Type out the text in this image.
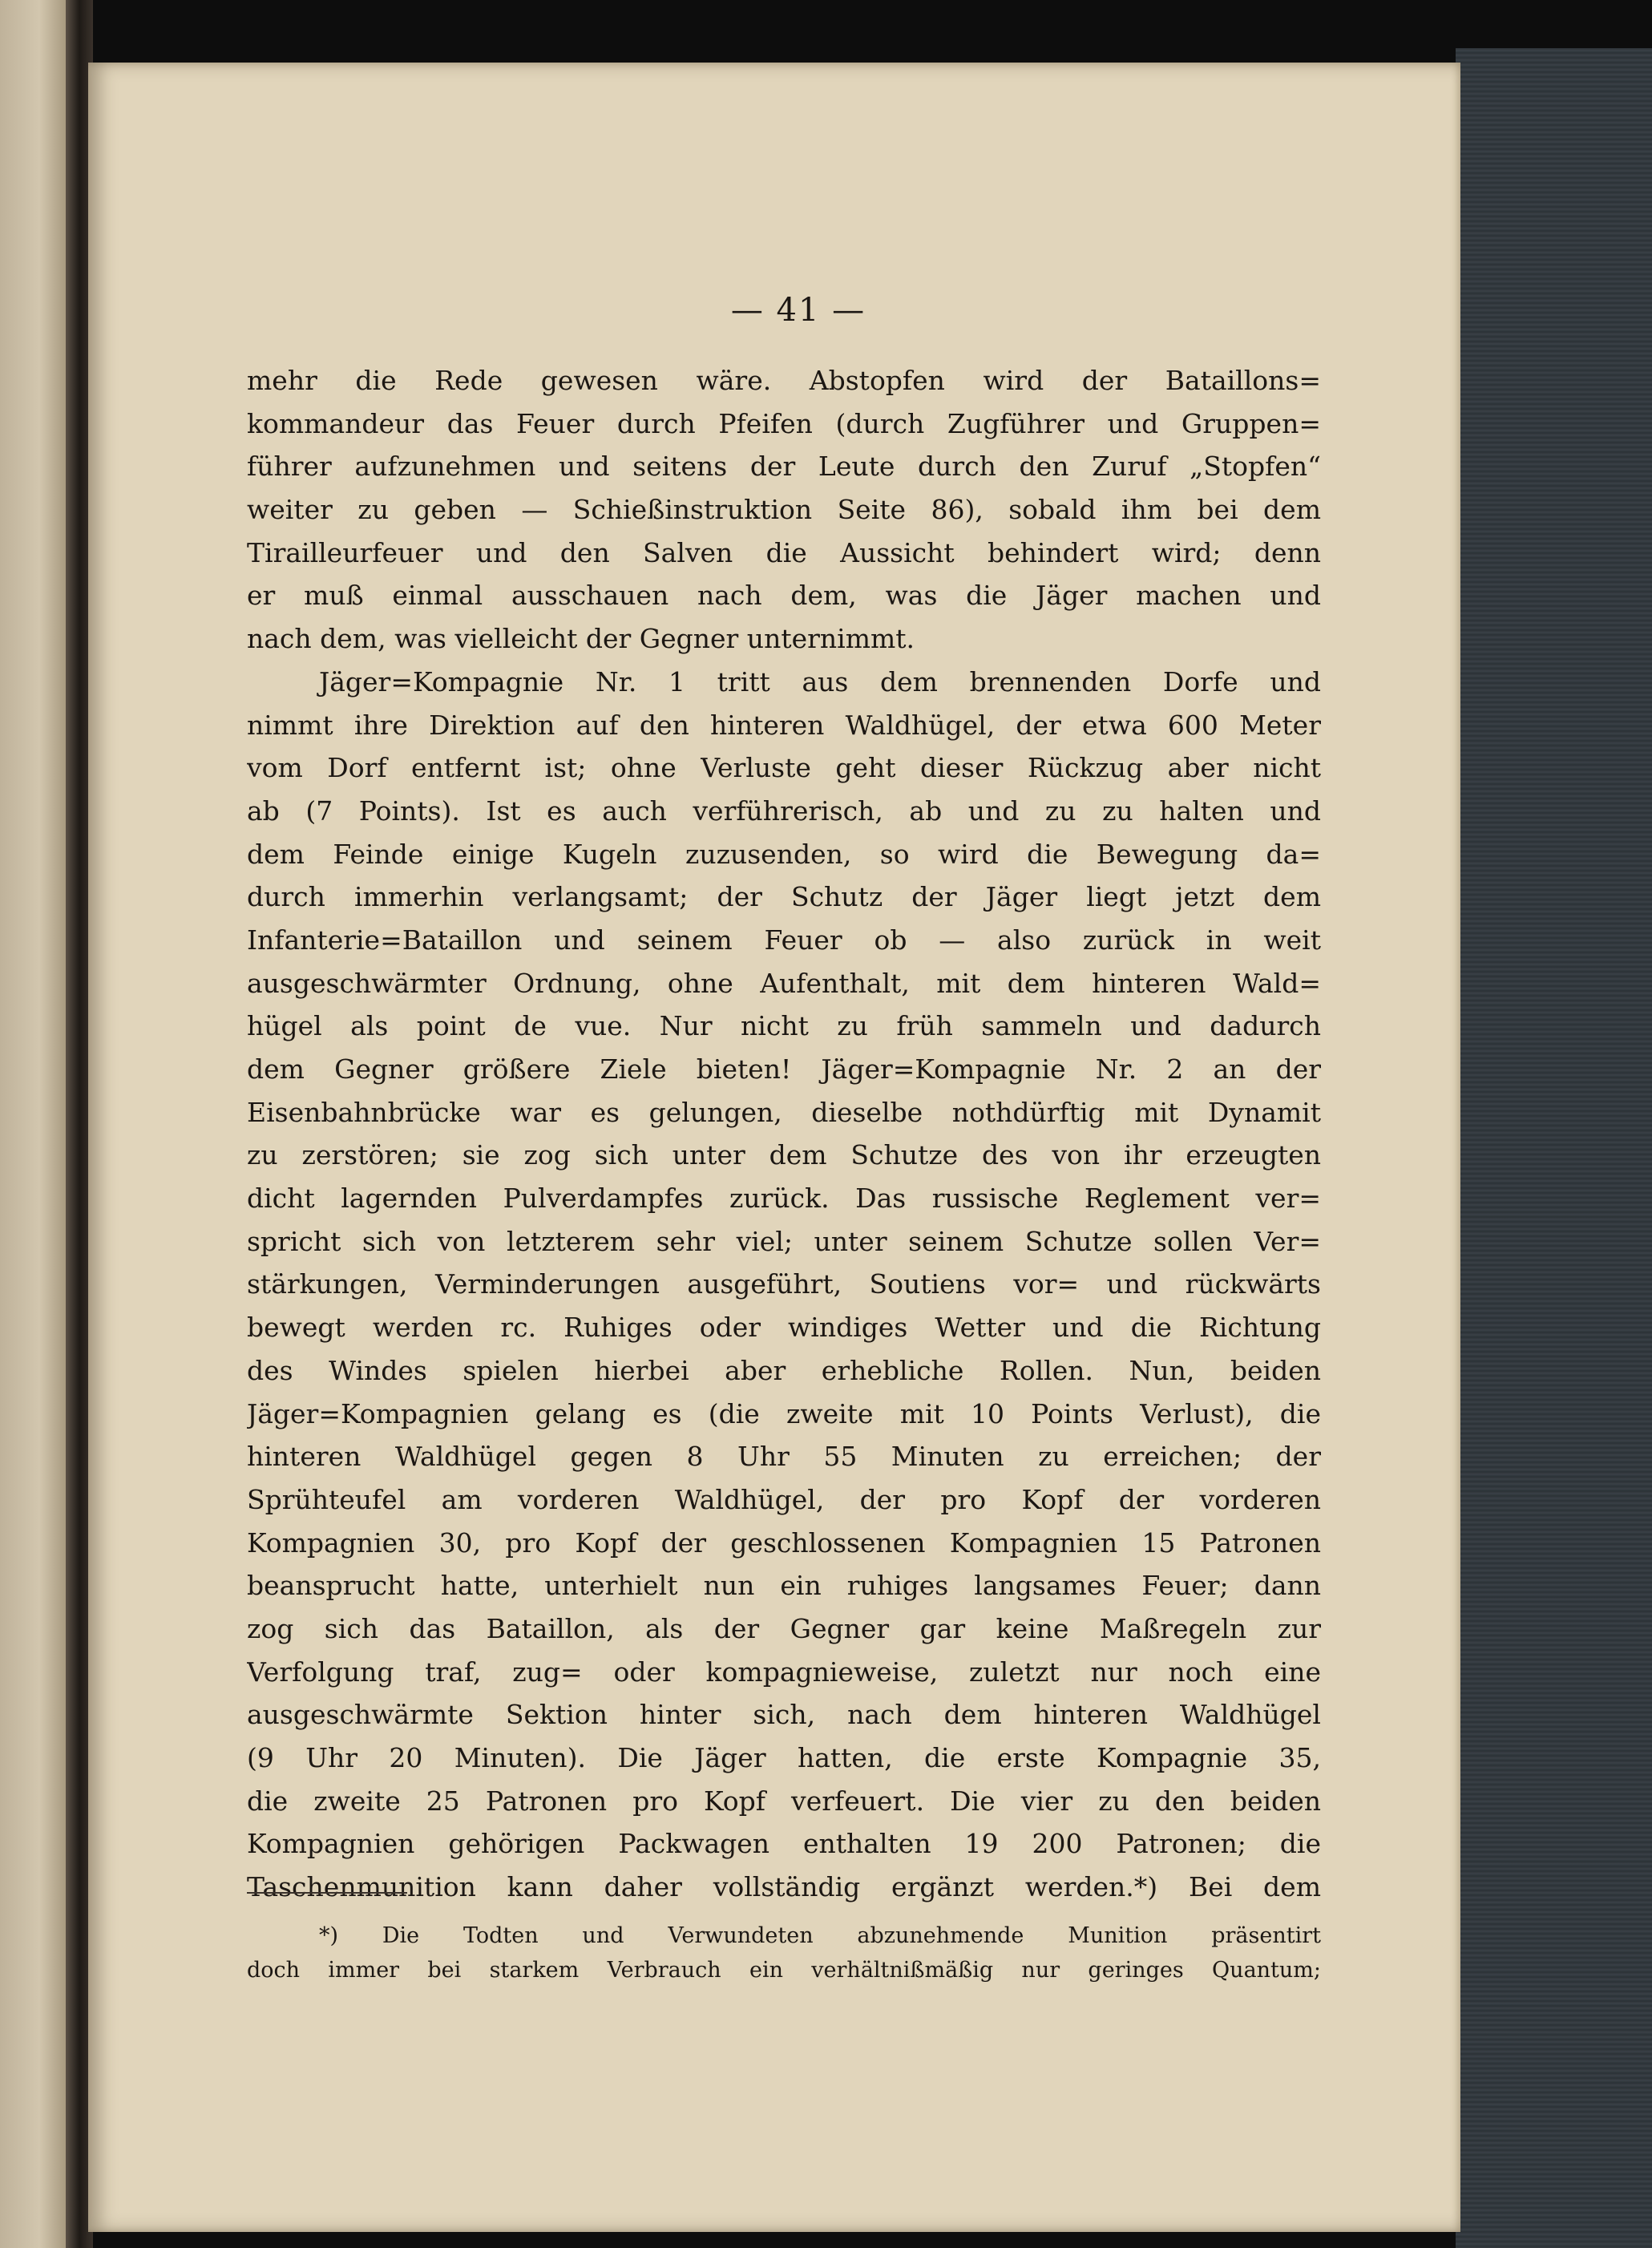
— 41 —
mehr die Rede gewesen wäre. Abstopfen wird der Bataillons=
kommandeur das Feuer durch Pfeifen (durch Zugführer und Gruppen=
führer aufzunehmen und seitens der Leute durch den Zuruf „Stopfen“
weiter zu geben — Schießinstruktion Seite 86), sobald ihm bei dem
Tirailleurfeuer und den Salven die Aussicht behindert wird; denn
er muß einmal ausschauen nach dem, was die Jäger machen und
nach dem, was vielleicht der Gegner unternimmt.
Jäger=Kompagnie Nr. 1 tritt aus dem brennenden Dorfe und
nimmt ihre Direktion auf den hinteren Waldhügel, der etwa 600 Meter
vom Dorf entfernt ist; ohne Verluste geht dieser Rückzug aber nicht
ab (7 Points). Ist es auch verführerisch, ab und zu zu halten und
dem Feinde einige Kugeln zuzusenden, so wird die Bewegung da=
durch immerhin verlangsamt; der Schutz der Jäger liegt jetzt dem
Infanterie=Bataillon und seinem Feuer ob — also zurück in weit
ausgeschwärmter Ordnung, ohne Aufenthalt, mit dem hinteren Wald=
hügel als point de vue. Nur nicht zu früh sammeln und dadurch
dem Gegner größere Ziele bieten! Jäger=Kompagnie Nr. 2 an der
Eisenbahnbrücke war es gelungen, dieselbe nothdürftig mit Dynamit
zu zerstören; sie zog sich unter dem Schutze des von ihr erzeugten
dicht lagernden Pulverdampfes zurück. Das russische Reglement ver=
spricht sich von letzterem sehr viel; unter seinem Schutze sollen Ver=
stärkungen, Verminderungen ausgeführt, Soutiens vor= und rückwärts
bewegt werden rc. Ruhiges oder windiges Wetter und die Richtung
des Windes spielen hierbei aber erhebliche Rollen. Nun, beiden
Jäger=Kompagnien gelang es (die zweite mit 10 Points Verlust), die
hinteren Waldhügel gegen 8 Uhr 55 Minuten zu erreichen; der
Sprühteufel am vorderen Waldhügel, der pro Kopf der vorderen
Kompagnien 30, pro Kopf der geschlossenen Kompagnien 15 Patronen
beansprucht hatte, unterhielt nun ein ruhiges langsames Feuer; dann
zog sich das Bataillon, als der Gegner gar keine Maßregeln zur
Verfolgung traf, zug= oder kompagnieweise, zuletzt nur noch eine
ausgeschwärmte Sektion hinter sich, nach dem hinteren Waldhügel
(9 Uhr 20 Minuten). Die Jäger hatten, die erste Kompagnie 35,
die zweite 25 Patronen pro Kopf verfeuert. Die vier zu den beiden
Kompagnien gehörigen Packwagen enthalten 19 200 Patronen; die
Taschenmunition kann daher vollständig ergänzt werden.*) Bei dem
*) Die Todten und Verwundeten abzunehmende Munition präsentirt
doch immer bei starkem Verbrauch ein verhältnißmäßig nur geringes Quantum;
